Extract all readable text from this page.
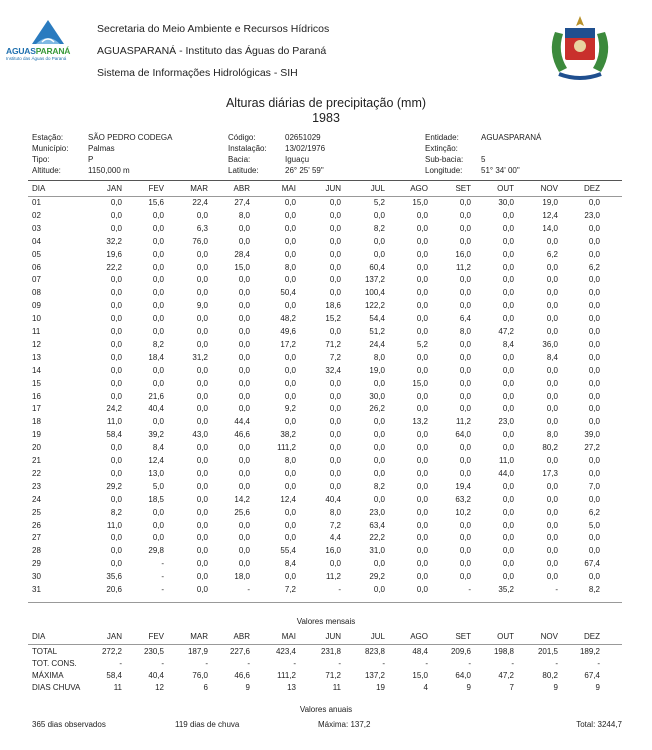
AGUASPARANÁ
Instituto das Águas do Paraná
Secretaria do Meio Ambiente e Recursos Hídricos
AGUASPARANÁ - Instituto das Águas do Paraná
Sistema de Informações Hidrológicas - SIH
Alturas diárias de precipitação (mm)
1983
Estação:	SÃO PEDRO CODEGA
Município: Palmas
Tipo:	P
Altitude:	1150,000 m
Código:	02651029
Instalação: 13/02/1976
Bacia:	Iguaçu
Latitude:	26° 25' 59"
Entidade:	AGUASPARANÁ
Extinção:
Sub-bacia: 5
Longitude: 51° 34' 00"
DIA	JAN	FEV	MAR	ABR	MAI	JUN	JUL	AGO	SET	OUT	NOV	DEZ
01	0,0	15,6	22,4	27,4	0,0	0,0	5,2	15,0	0,0	30,0	19,0	0,0
02	0,0	0,0	0,0	8,0	0,0	0,0	0,0	0,0	0,0	0,0	12,4	23,0
03	0,0	0,0	6,3	0,0	0,0	0,0	8,2	0,0	0,0	0,0	14,0	0,0
04	32,2	0,0	76,0	0,0	0,0	0,0	0,0	0,0	0,0	0,0	0,0	0,0
05	19,6	0,0	0,0	28,4	0,0	0,0	0,0	0,0	16,0	0,0	6,2	0,0
06	22,2	0,0	0,0	15,0	8,0	0,0	60,4	0,0	11,2	0,0	0,0	6,2
07	0,0	0,0	0,0	0,0	0,0	0,0	137,2	0,0	0,0	0,0	0,0	0,0
08	0,0	0,0	0,0	0,0	50,4	0,0	100,4	0,0	0,0	0,0	0,0	0,0
09	0,0	0,0	9,0	0,0	0,0	18,6	122,2	0,0	0,0	0,0	0,0	0,0
10	0,0	0,0	0,0	0,0	48,2	15,2	54,4	0,0	6,4	0,0	0,0	0,0
11	0,0	0,0	0,0	0,0	49,6	0,0	51,2	0,0	8,0	47,2	0,0	0,0
12	0,0	8,2	0,0	0,0	17,2	71,2	24,4	5,2	0,0	8,4	36,0	0,0
13	0,0	18,4	31,2	0,0	0,0	7,2	8,0	0,0	0,0	0,0	8,4	0,0
14	0,0	0,0	0,0	0,0	0,0	32,4	19,0	0,0	0,0	0,0	0,0	0,0
15	0,0	0,0	0,0	0,0	0,0	0,0	0,0	15,0	0,0	0,0	0,0	0,0
16	0,0	21,6	0,0	0,0	0,0	0,0	30,0	0,0	0,0	0,0	0,0	0,0
17	24,2	40,4	0,0	0,0	9,2	0,0	26,2	0,0	0,0	0,0	0,0	0,0
18	11,0	0,0	0,0	44,4	0,0	0,0	0,0	13,2	11,2	23,0	0,0	0,0
19	58,4	39,2	43,0	46,6	38,2	0,0	0,0	0,0	64,0	0,0	8,0	39,0
20	0,0	8,4	0,0	0,0	111,2	0,0	0,0	0,0	0,0	0,0	80,2	27,2
21	0,0	12,4	0,0	0,0	8,0	0,0	0,0	0,0	0,0	11,0	0,0	0,0
22	0,0	13,0	0,0	0,0	0,0	0,0	0,0	0,0	0,0	44,0	17,3	0,0
23	29,2	5,0	0,0	0,0	0,0	0,0	8,2	0,0	19,4	0,0	0,0	7,0
24	0,0	18,5	0,0	14,2	12,4	40,4	0,0	0,0	63,2	0,0	0,0	0,0
25	8,2	0,0	0,0	25,6	0,0	8,0	23,0	0,0	10,2	0,0	0,0	6,2
26	11,0	0,0	0,0	0,0	0,0	7,2	63,4	0,0	0,0	0,0	0,0	5,0
27	0,0	0,0	0,0	0,0	0,0	4,4	22,2	0,0	0,0	0,0	0,0	0,0
28	0,0	29,8	0,0	0,0	55,4	16,0	31,0	0,0	0,0	0,0	0,0	0,0
29	0,0	-	0,0	0,0	8,4	0,0	0,0	0,0	0,0	0,0	0,0	67,4
30	35,6	-	0,0	18,0	0,0	11,2	29,2	0,0	0,0	0,0	0,0	0,0
31	20,6	-	0,0	-	7,2	-	0,0	0,0	-	35,2	-	8,2
Valores mensais
DIA	JAN	FEV	MAR	ABR	MAI	JUN	JUL	AGO	SET	OUT	NOV	DEZ
TOTAL	272,2	230,5	187,9	227,6	423,4	231,8	823,8	48,4	209,6	198,8	201,5	189,2
TOT. CONS.	-	-	-	-	-	-	-	-	-	-	-	-
MÁXIMA	58,4	40,4	76,0	46,6	111,2	71,2	137,2	15,0	64,0	47,2	80,2	67,4
DIAS CHUVA	11	12	6	9	13	11	19	4	9	7	9	9
Valores anuais
365 dias observados	119 dias de chuva	Máxima: 137,2	Total: 3244,7
